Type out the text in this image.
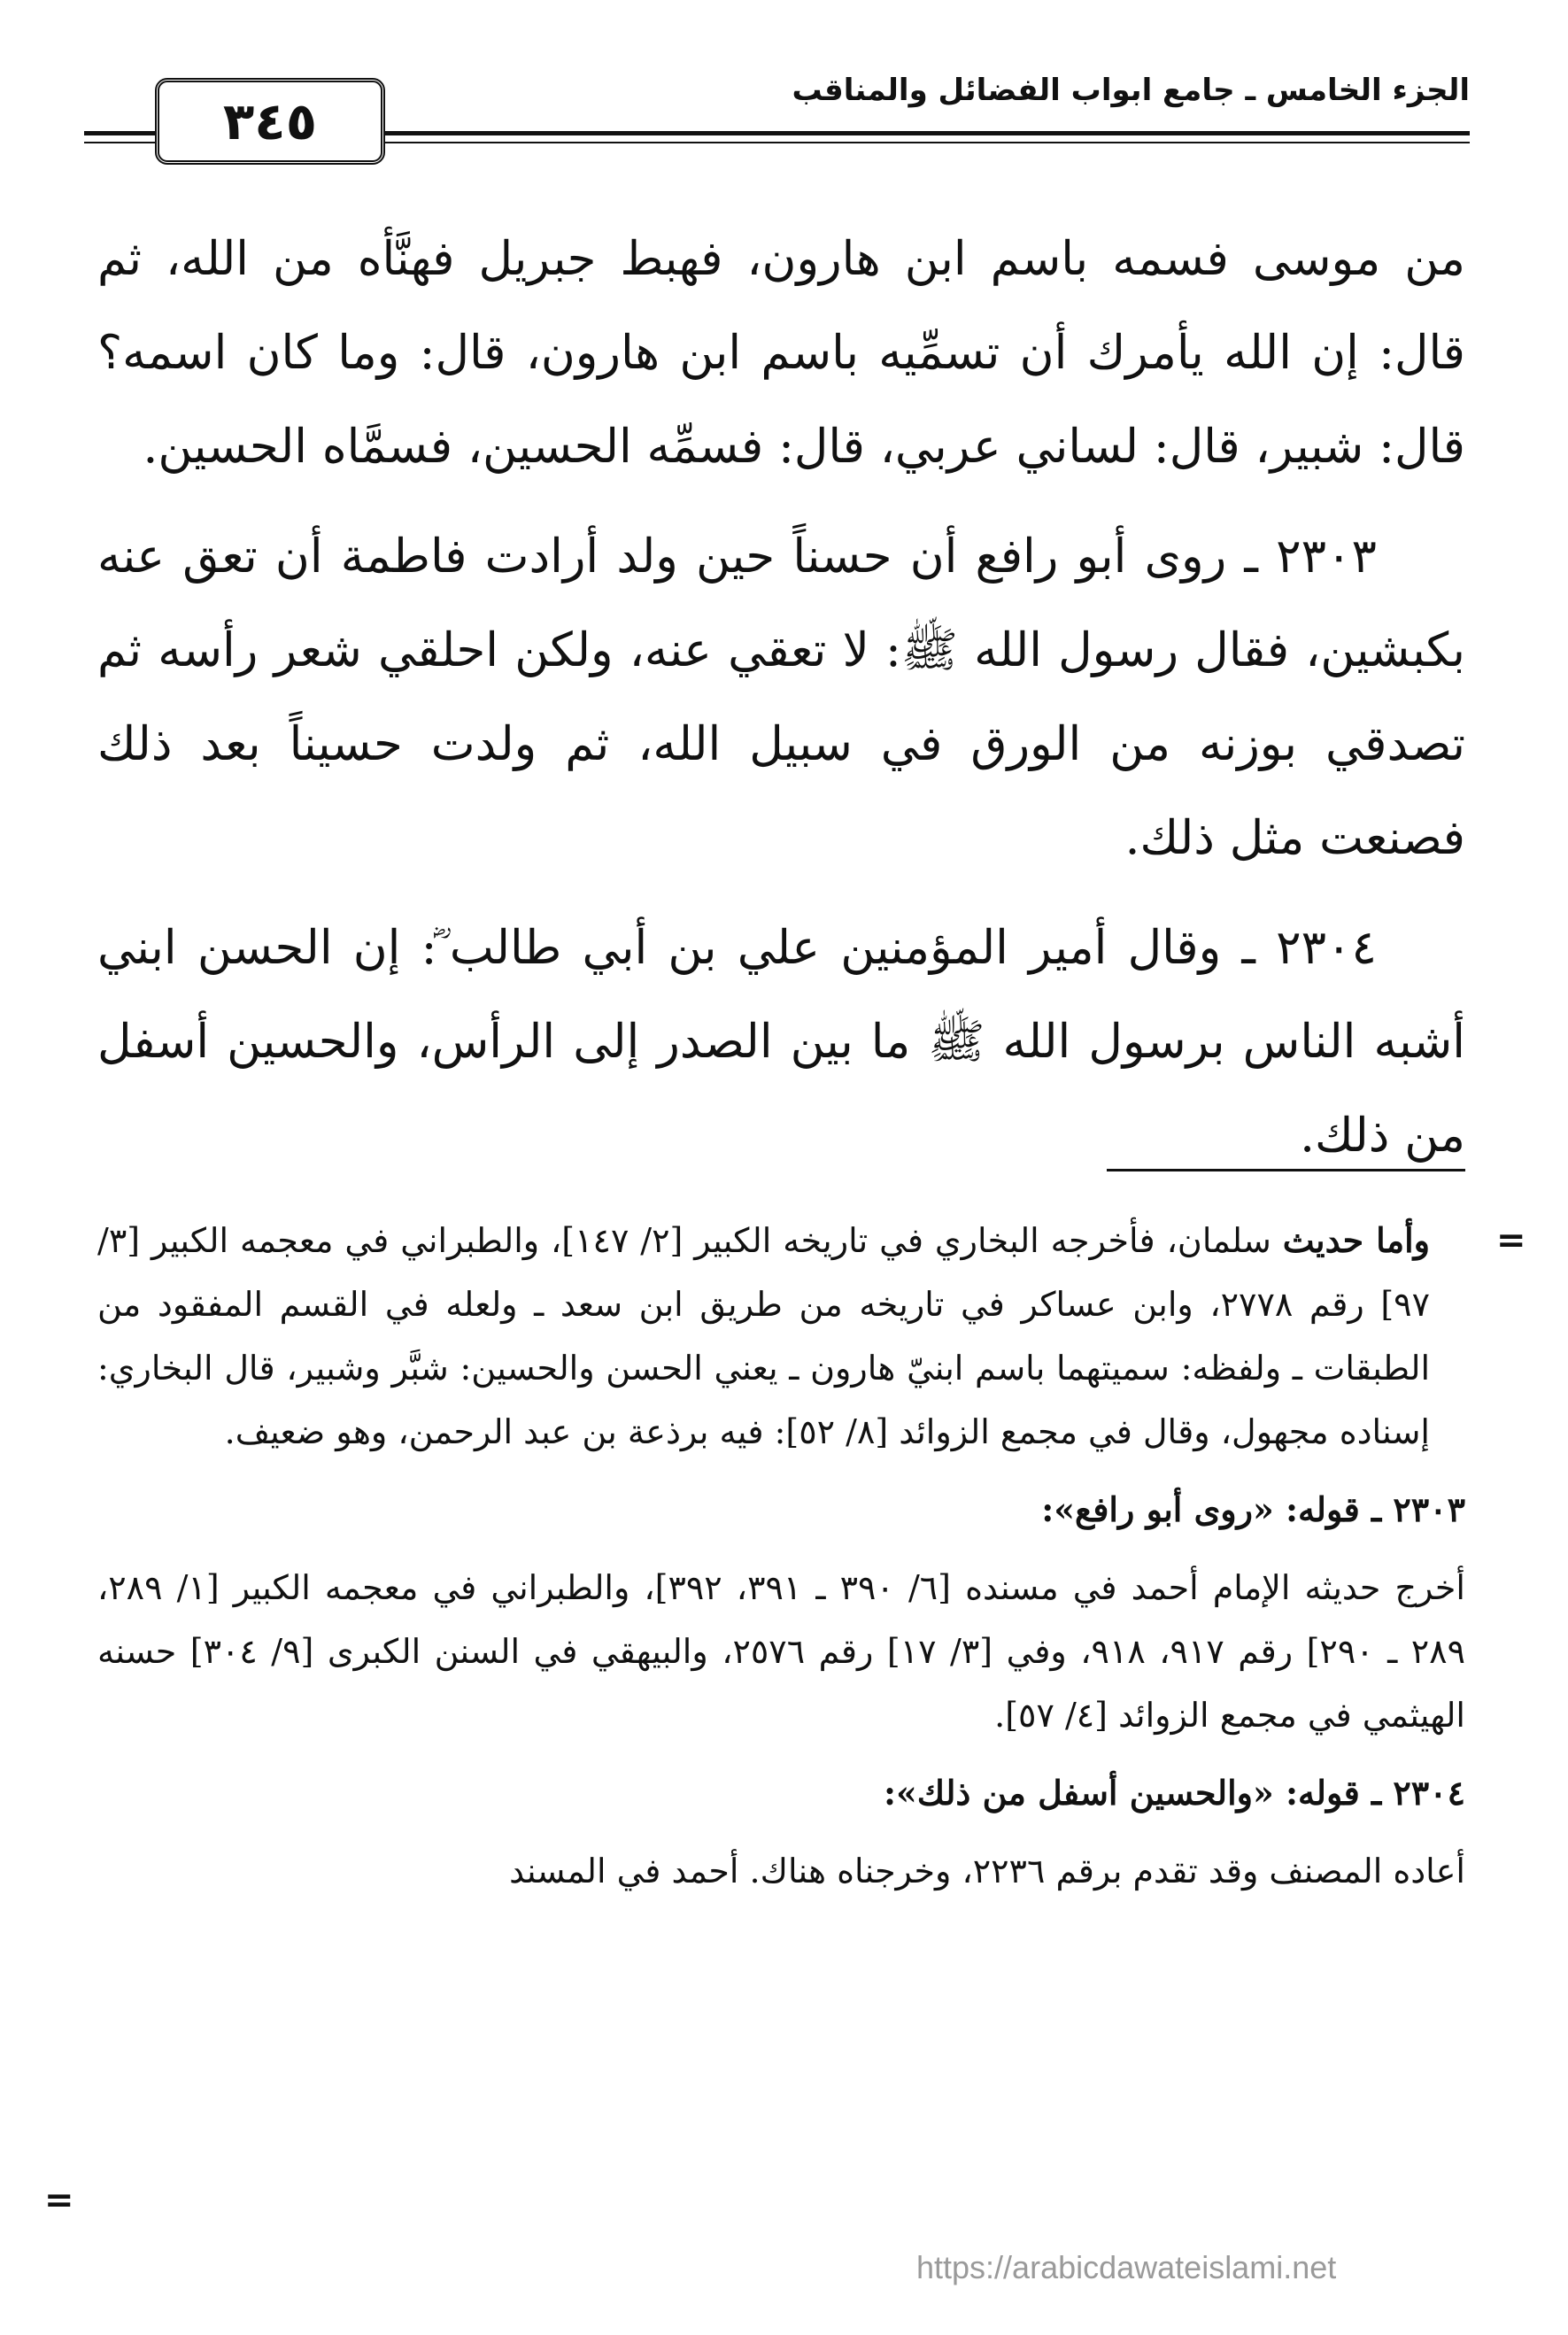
الجزء الخامس ـ جامع ابواب الفضائل والمناقب
٣٤٥

من موسى فسمه باسم ابن هارون، فهبط جبريل فهنَّأه من الله، ثم قال: إن الله يأمرك أن تسمِّيه باسم ابن هارون، قال: وما كان اسمه؟ قال: شبير، قال: لساني عربي، قال: فسمِّه الحسين، فسمَّاه الحسين.

٢٣٠٣ ـ روى أبو رافع أن حسناً حين ولد أرادت فاطمة أن تعق عنه بكبشين، فقال رسول الله ﷺ: لا تعقي عنه، ولكن احلقي شعر رأسه ثم تصدقي بوزنه من الورق في سبيل الله، ثم ولدت حسيناً بعد ذلك فصنعت مثل ذلك.

٢٣٠٤ ـ وقال أمير المؤمنين علي بن أبي طالب ؓ: إن الحسن ابني أشبه الناس برسول الله ﷺ ما بين الصدر إلى الرأس، والحسين أسفل من ذلك.

=

وأما حديث سلمان، فأخرجه البخاري في تاريخه الكبير [٢/ ١٤٧]، والطبراني في معجمه الكبير [٣/ ٩٧] رقم ٢٧٧٨، وابن عساكر في تاريخه من طريق ابن سعد ـ ولعله في القسم المفقود من الطبقات ـ ولفظه: سميتهما باسم ابنيّ هارون ـ يعني الحسن والحسين: شبَّر وشبير، قال البخاري: إسناده مجهول، وقال في مجمع الزوائد [٨/ ٥٢]: فيه برذعة بن عبد الرحمن، وهو ضعيف.

٢٣٠٣ ـ قوله: «روى أبو رافع»:

أخرج حديثه الإمام أحمد في مسنده [٦/ ٣٩٠ ـ ٣٩١، ٣٩٢]، والطبراني في معجمه الكبير [١/ ٢٨٩، ٢٨٩ ـ ٢٩٠] رقم ٩١٧، ٩١٨، وفي [٣/ ١٧] رقم ٢٥٧٦، والبيهقي في السنن الكبرى [٩/ ٣٠٤] حسنه الهيثمي في مجمع الزوائد [٤/ ٥٧].

٢٣٠٤ ـ قوله: «والحسين أسفل من ذلك»:

أعاده المصنف وقد تقدم برقم ٢٢٣٦، وخرجناه هناك. أحمد في المسند

=
https://arabicdawateislami.net
